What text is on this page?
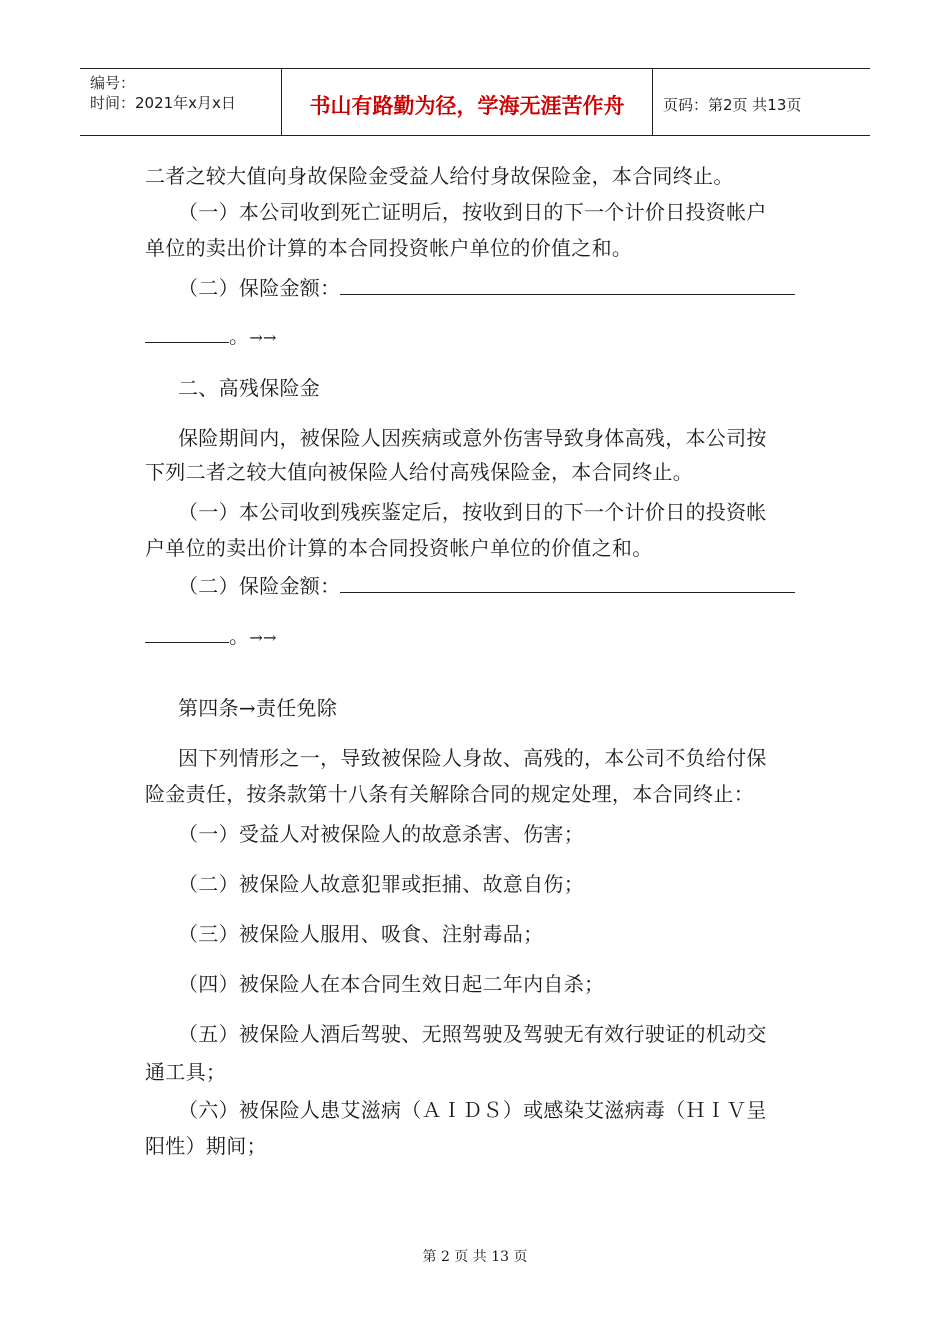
编号：
时间：2021年x月x日	书山有路勤为径，学海无涯苦作舟	页码：第2页 共13页
二者之较大值向身故保险金受益人给付身故保险金，本合同终止。
（一）本公司收到死亡证明后，按收到日的下一个计价日投资帐户
单位的卖出价计算的本合同投资帐户单位的价值之和。
（二）保险金额：
。→→
二、高残保险金
保险期间内，被保险人因疾病或意外伤害导致身体高残，本公司按
下列二者之较大值向被保险人给付高残保险金，本合同终止。
（一）本公司收到残疾鉴定后，按收到日的下一个计价日的投资帐
户单位的卖出价计算的本合同投资帐户单位的价值之和。
（二）保险金额：
。→→
第四条→责任免除
因下列情形之一，导致被保险人身故、高残的，本公司不负给付保
险金责任，按条款第十八条有关解除合同的规定处理，本合同终止：
（一）受益人对被保险人的故意杀害、伤害；
（二）被保险人故意犯罪或拒捕、故意自伤；
（三）被保险人服用、吸食、注射毒品；
（四）被保险人在本合同生效日起二年内自杀；
（五）被保险人酒后驾驶、无照驾驶及驾驶无有效行驶证的机动交
通工具；
（六）被保险人患艾滋病（ＡＩＤＳ）或感染艾滋病毒（ＨＩＶ呈
阳性）期间；
第 2 页 共 13 页
